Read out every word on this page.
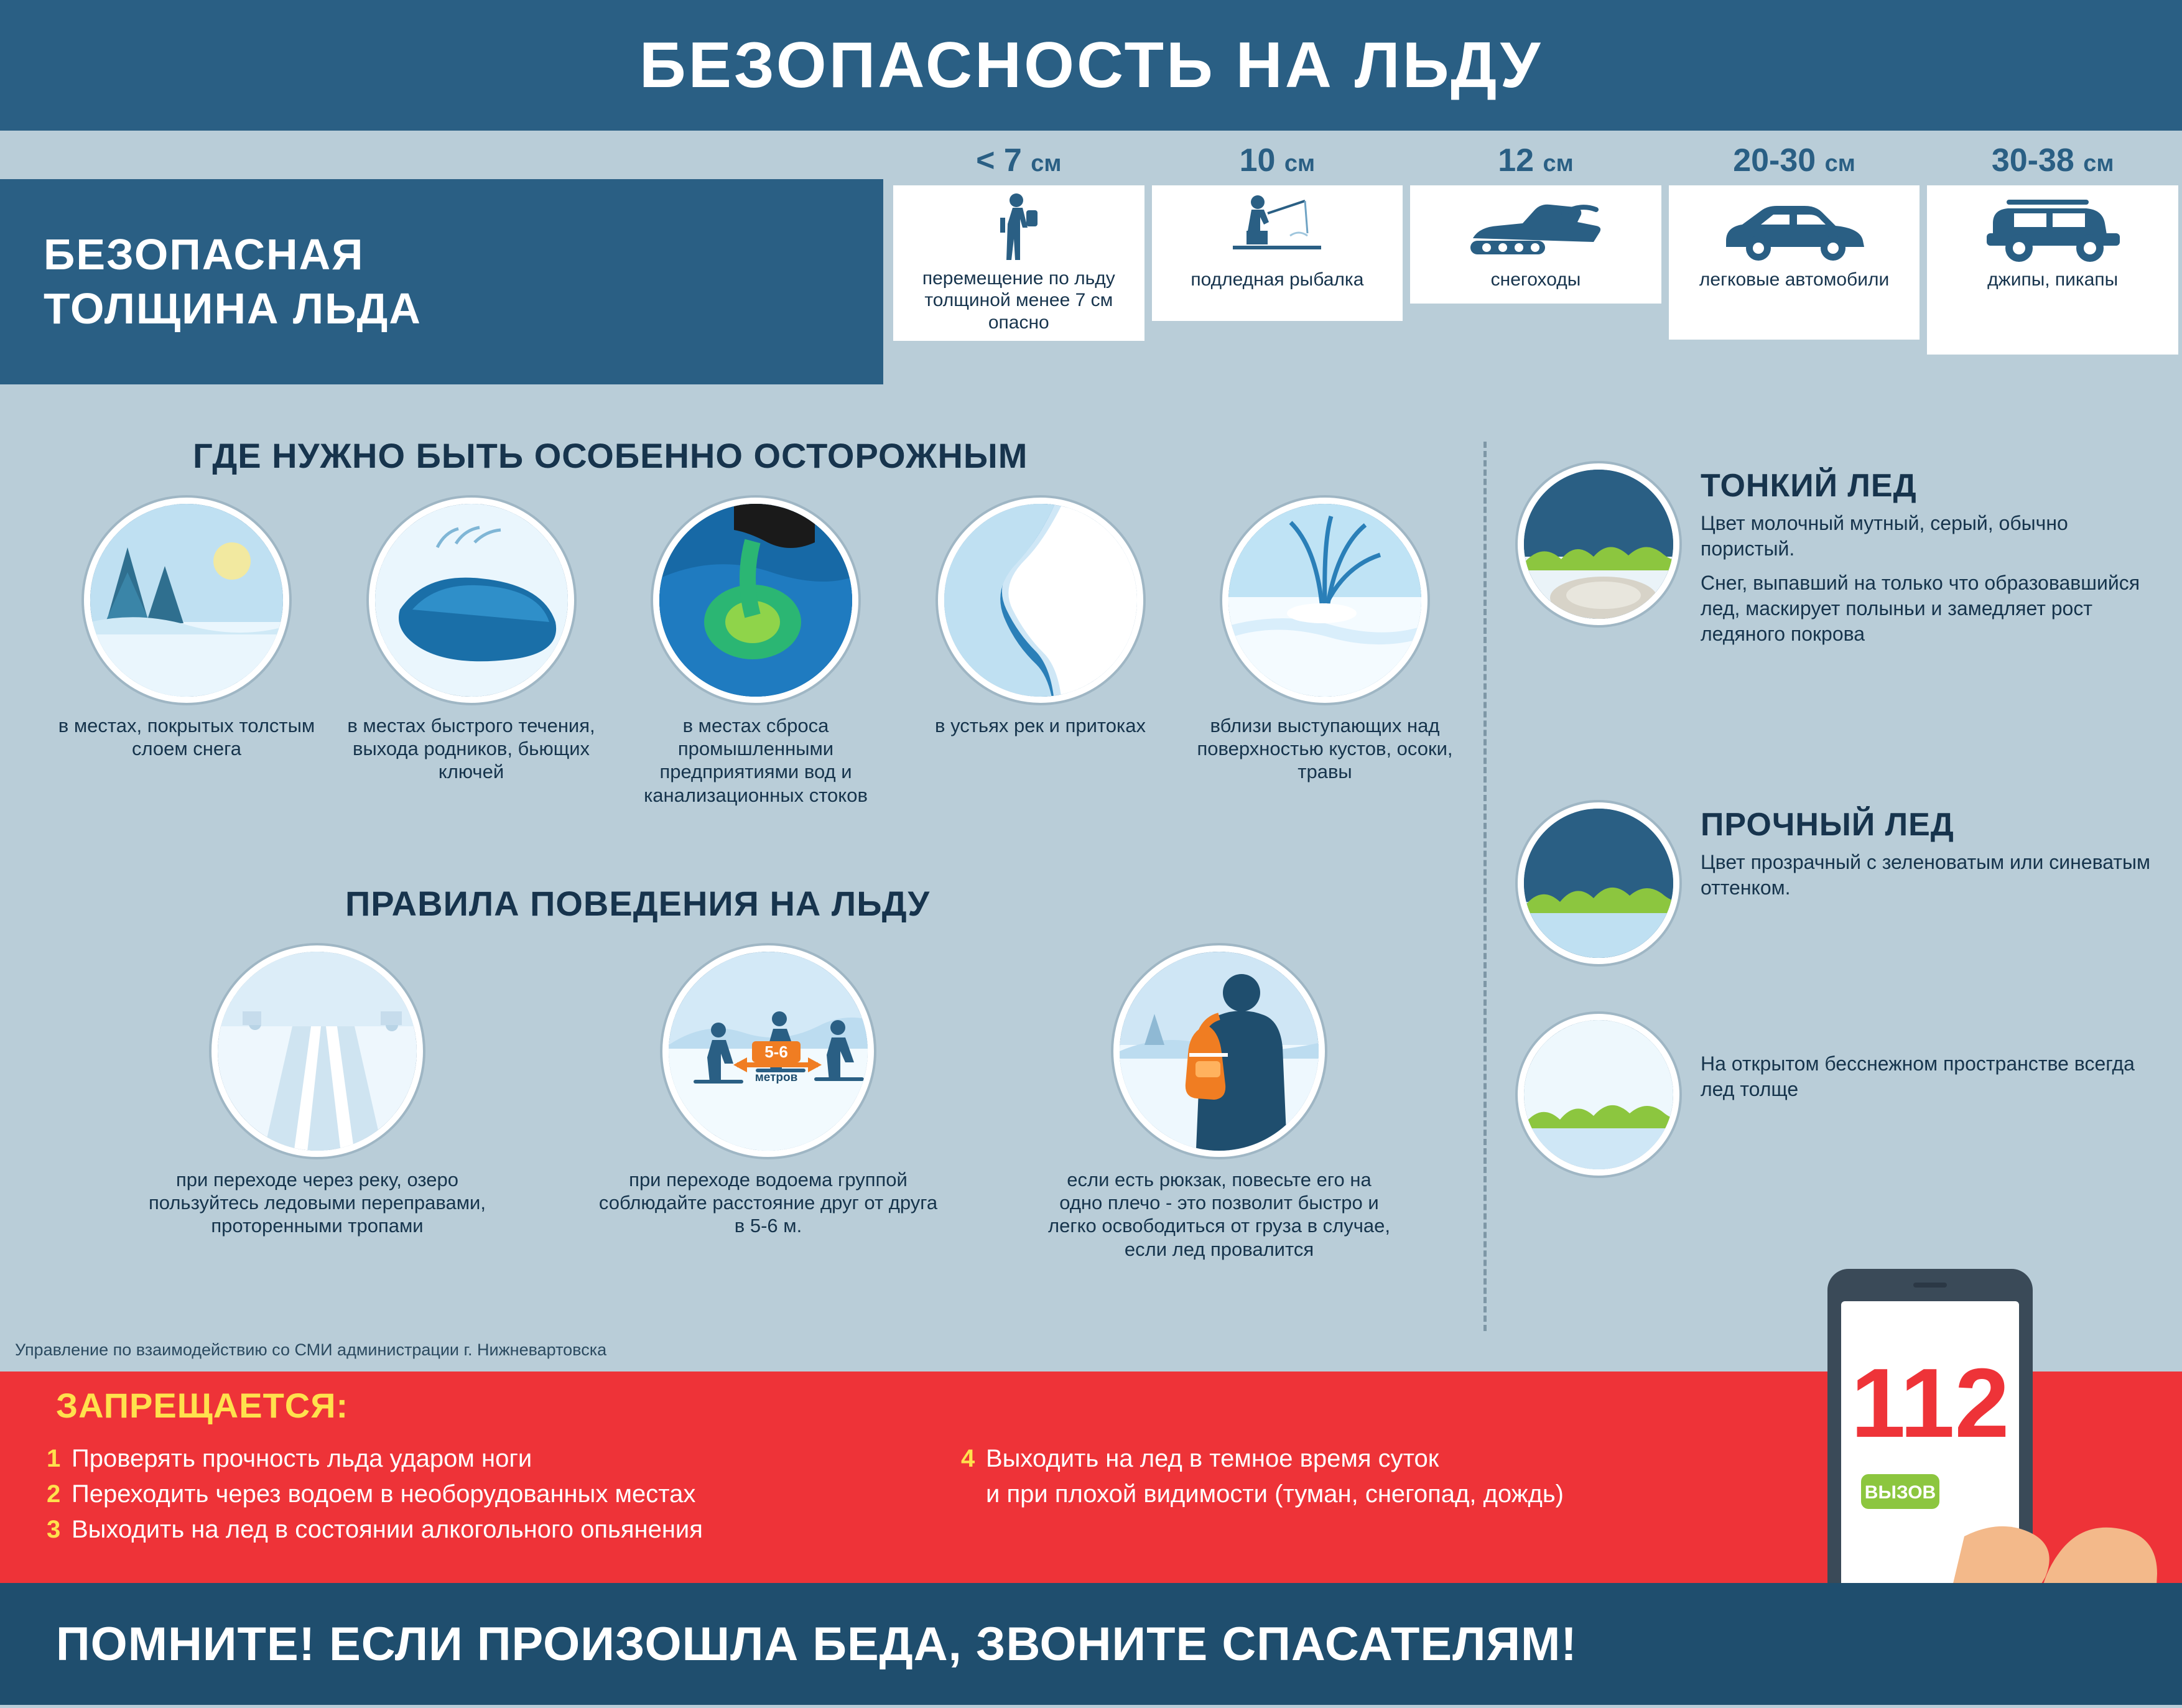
БЕЗОПАСНОСТЬ НА ЛЬДУ
БЕЗОПАСНАЯ
ТОЛЩИНА ЛЬДА
< 7 см
перемещение по льду толщиной менее 7 см опасно
10 см
подледная рыбалка
12 см
снегоходы
20-30 см
легковые автомобили
30-38 см
джипы, пикапы
ГДЕ НУЖНО БЫТЬ ОСОБЕННО ОСТОРОЖНЫМ
в местах, покрытых толстым слоем снега
в местах быстрого течения, выхода родников, бьющих ключей
в местах сброса промышленными предприятиями вод и канализационных стоков
в устьях рек и притоках	вблизи выступающих над поверхностью кустов, осоки, травы
ПРАВИЛА ПОВЕДЕНИЯ НА ЛЬДУ
при переходе через реку, озеро пользуйтесь ледовыми переправами, проторенными тропами
5-6
метров
при переходе водоема группой соблюдайте расстояние друг от друга в 5-6 м.
если есть рюкзак, повесьте его на одно плечо - это позволит быстро и легко освободиться от груза в случае, если лед провалится
ТОНКИЙ ЛЕД

Цвет молочный мутный, серый, обычно пористый.

Снег, выпавший на только что образовавшийся лед, маскирует полыньи и замедляет рост ледяного покрова

ПРОЧНЫЙ ЛЕД

Цвет прозрачный с зеленоватым или синеватым оттенком.

На открытом бесснежном пространстве всегда лед толще

Управление по взаимодействию со СМИ администрации г. Нижневартовска
ЗАПРЕЩАЕТСЯ:
1 Проверять прочность льда ударом ноги
2 Переходить через водоем в необорудованных местах
3 Выходить на лед в состоянии алкогольного опьянения
4 Выходить на лед в темное время суток
и при плохой видимости (туман, снегопад, дождь)
112
ВЫЗОВ
ПОМНИТЕ! ЕСЛИ ПРОИЗОШЛА БЕДА, ЗВОНИТЕ СПАСАТЕЛЯМ!
